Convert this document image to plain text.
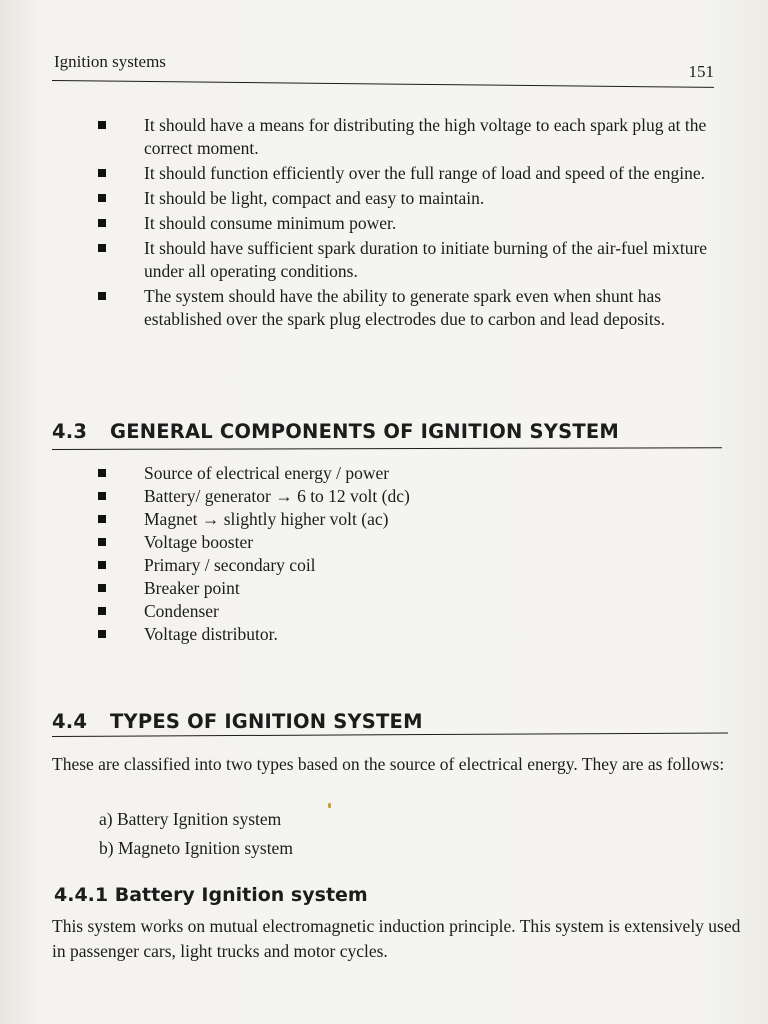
Ignition systems
151
It should have a means for distributing the high voltage to each spark plug at the correct moment.
It should function efficiently over the full range of load and speed of the engine.
It should be light, compact and easy to maintain.
It should consume minimum power.
It should have sufficient spark duration to initiate burning of the air-fuel mixture under all operating conditions.
The system should have the ability to generate spark even when shunt has established over the spark plug electrodes due to carbon and lead deposits.
4.3 GENERAL COMPONENTS OF IGNITION SYSTEM
Source of electrical energy / power
Battery/ generator → 6 to 12 volt (dc)
Magnet → slightly higher volt (ac)
Voltage booster
Primary / secondary coil
Breaker point
Condenser
Voltage distributor.
4.4 TYPES OF IGNITION SYSTEM
These are classified into two types based on the source of electrical energy. They are as follows:
a) Battery Ignition system
b) Magneto Ignition system
4.4.1 Battery Ignition system
This system works on mutual electromagnetic induction principle. This system is extensively used in passenger cars, light trucks and motor cycles.
